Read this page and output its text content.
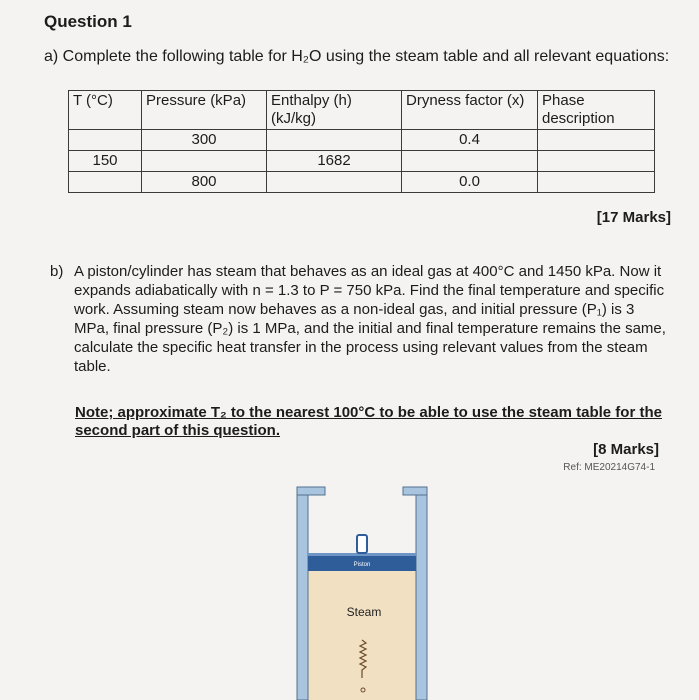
Question 1
a) Complete the following table for H₂O using the steam table and all relevant equations:
T (°C)	Pressure (kPa)	Enthalpy (h) (kJ/kg)	Dryness factor (x)	Phase description
	300		0.4	
150		1682		
	800		0.0	
[17 Marks]
b) A piston/cylinder has steam that behaves as an ideal gas at 400°C and 1450 kPa. Now it expands adiabatically with n = 1.3 to P = 750 kPa. Find the final temperature and specific work. Assuming steam now behaves as a non-ideal gas, and initial pressure (P₁) is 3 MPa, final pressure (P₂) is 1 MPa, and the initial and final temperature remains the same, calculate the specific heat transfer in the process using relevant values from the steam table.
Note; approximate T₂ to the nearest 100°C to be able to use the steam table for the second part of this question.
[8 Marks]
Ref: ME20214G74-1
Piston
Steam
